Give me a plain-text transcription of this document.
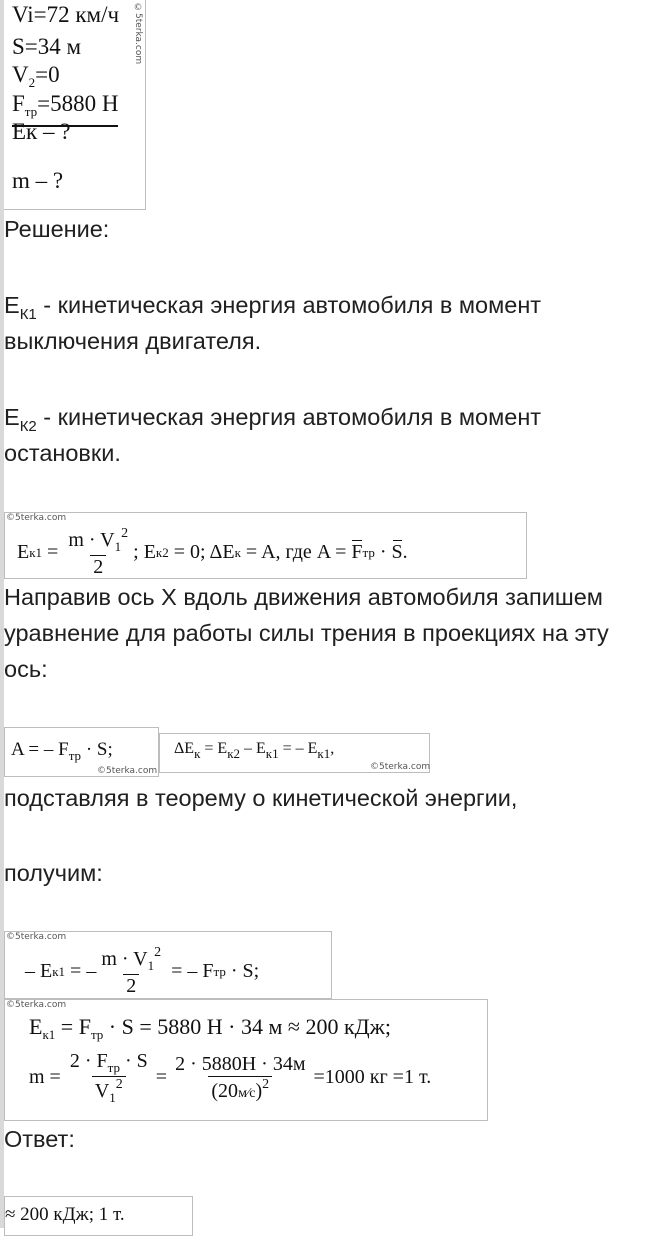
Vi=72 км/ч
S=34 м
$V_2=0$
$F_{тр}=5880$ Н
Ек – ?
m – ?
©5terka.com
Решение:
$E_{К1}$ - кинетическая энергия автомобиля в момент
выключения двигателя.
$E_{К2}$ - кинетическая энергия автомобиля в момент
остановки.
©5terka.com
E $к1 = \frac{m \cdot V_1^2}{2}$ ; E к2 = 0; ΔE к = A, где A = F тр · S .
Направив ось X вдоль движения автомобиля запишем
уравнение для работы силы трения в проекциях на эту
ось:
A = – $F_{тр} \cdot S$;
©5terka.com
$\Delta E_к = E_{к2} - E_{к1}$ = – $E_{к1}$,
©5terka.com
подставляя в теорему о кинетической энергии,
получим:
©5terka.com
– E к1 = – $\frac{m \cdot V_1^2}{2}$ = – F тр · S;
©5terka.com
$E_{к1} = F_{тр} \cdot S = 5880$ Н · 34 м ≈ 200 кДж;
$m = \frac{2 \cdot F_{тр} \cdot S}{V_1^2} = \frac{2 \cdot 5880Н \cdot 34м}{(20м⁄с)^2} =1000$ кг =1 т.
Ответ:
≈ 200 кДж; 1 т.
